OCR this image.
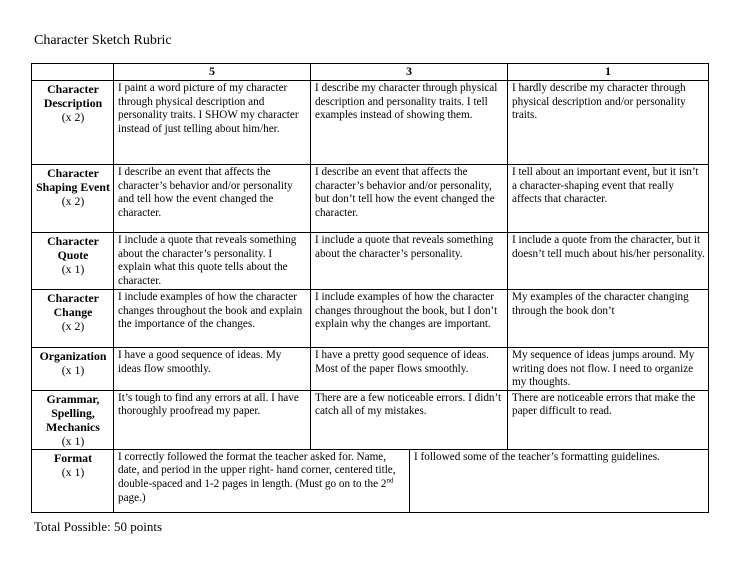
Character Sketch Rubric
	5	3		1

Character Description
(x 2)	I paint a word picture of my character through physical description and personality traits. I SHOW my character instead of just telling about him/her.	I describe my character through physical description and personality traits. I tell examples instead of showing them.		I hardly describe my character through physical description and/or personality traits.

Character Shaping Event
(x 2)	I describe an event that affects the character’s behavior and/or personality and tell how the event changed the character.	I describe an event that affects the character’s behavior and/or personality, but don’t tell how the event changed the character.		I tell about an important event, but it isn’t a character-shaping event that really affects that character.

Character Quote
(x 1)	I include a quote that reveals something about the character’s personality. I explain what this quote tells about the character.	I include a quote that reveals something about the character’s personality.		I include a quote from the character, but it doesn’t tell much about his/her personality.

Character Change
(x 2)	I include examples of how the character changes throughout the book and explain the importance of the changes.	I include examples of how the character changes throughout the book, but I don’t explain why the changes are important.		My examples of the character changing through the book don’t

Organization
(x 1)	I have a good sequence of ideas. My ideas flow smoothly.	I have a pretty good sequence of ideas. Most of the paper flows smoothly.		My sequence of ideas jumps around. My writing does not flow. I need to organize my thoughts.

Grammar, Spelling, Mechanics
(x 1)	It’s tough to find any errors at all. I have thoroughly proofread my paper.	There are a few noticeable errors. I didn’t catch all of my mistakes.		There are noticeable errors that make the paper difficult to read.

Format
(x 1)	I correctly followed the format the teacher asked for. Name, date, and period in the upper right- hand corner, centered title, double-spaced and 1-2 pages in length. (Must go on to the 2nd page.)		I followed some of the teacher’s formatting guidelines.	
Total Possible: 50 points
